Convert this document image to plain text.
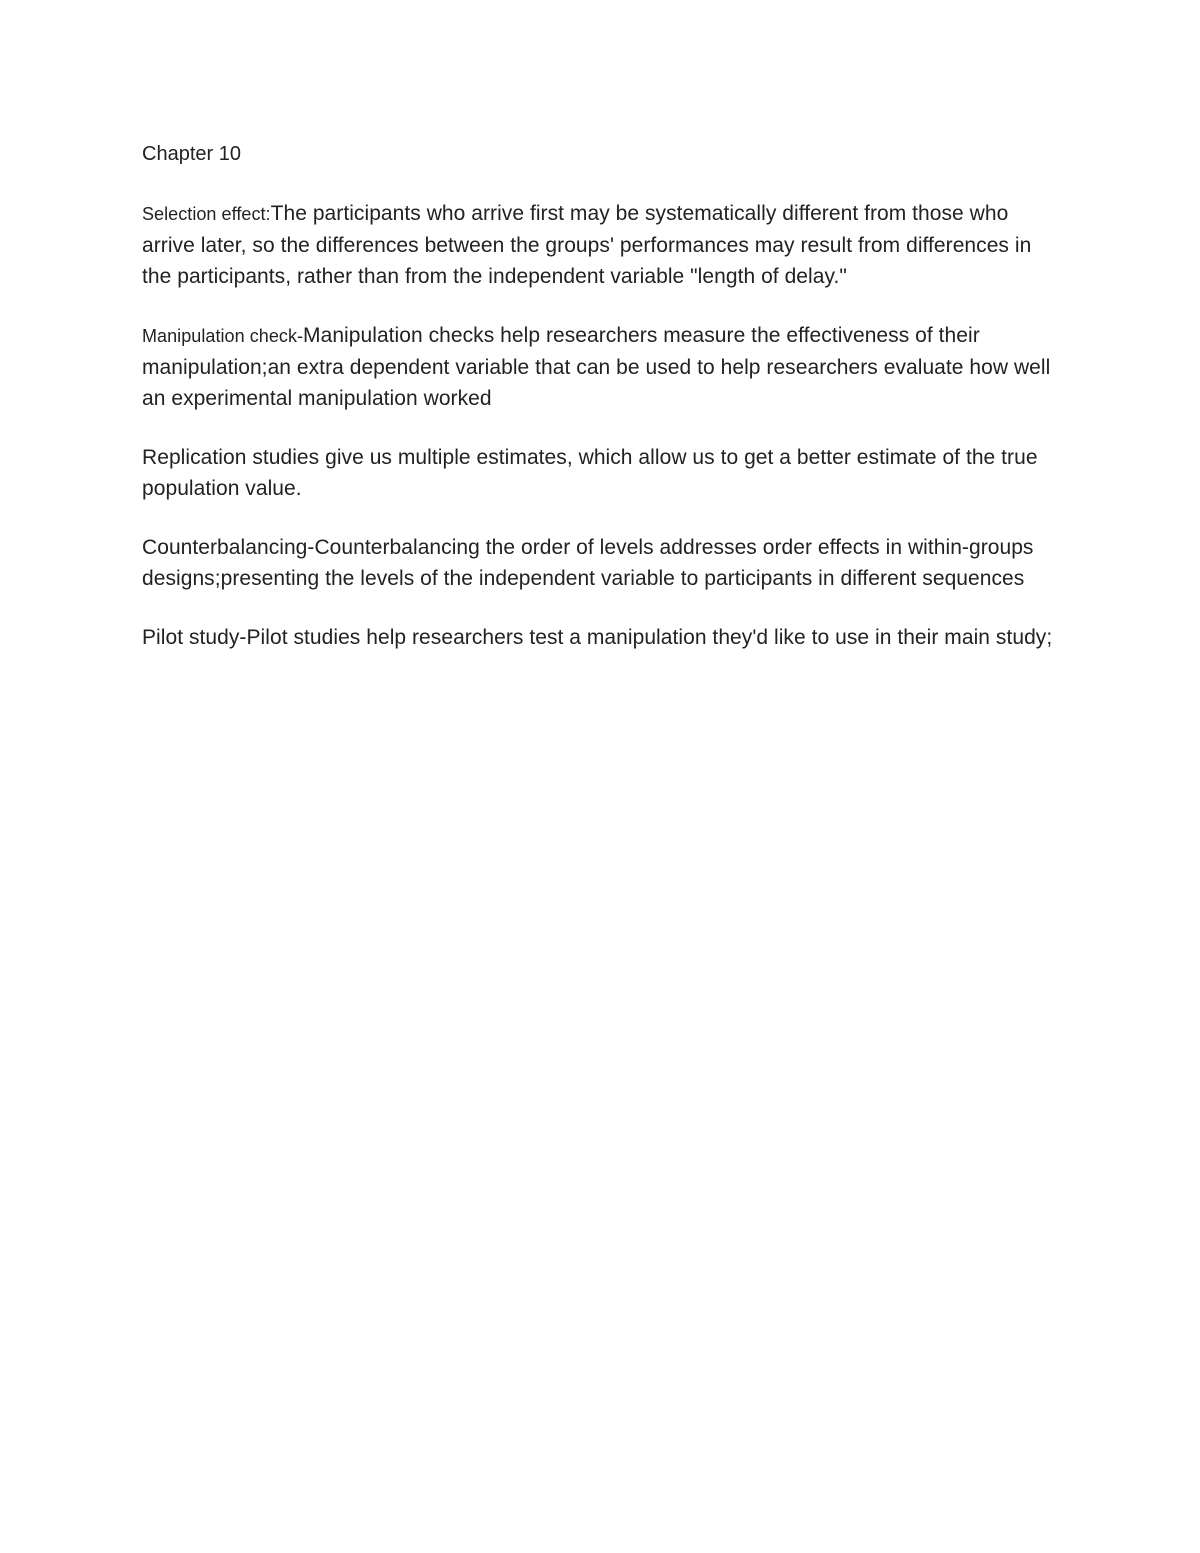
Chapter 10

Selection effect:The participants who arrive first may be systematically different from those who arrive later, so the differences between the groups' performances may result from differences in the participants, rather than from the independent variable "length of delay."

Manipulation check-Manipulation checks help researchers measure the effectiveness of their manipulation;an extra dependent variable that can be used to help researchers evaluate how well an experimental manipulation worked

Replication studies give us multiple estimates, which allow us to get a better estimate of the true population value.

Counterbalancing-Counterbalancing the order of levels addresses order effects in within-groups designs;presenting the levels of the independent variable to participants in different sequences

Pilot study-Pilot studies help researchers test a manipulation they'd like to use in their main study;
